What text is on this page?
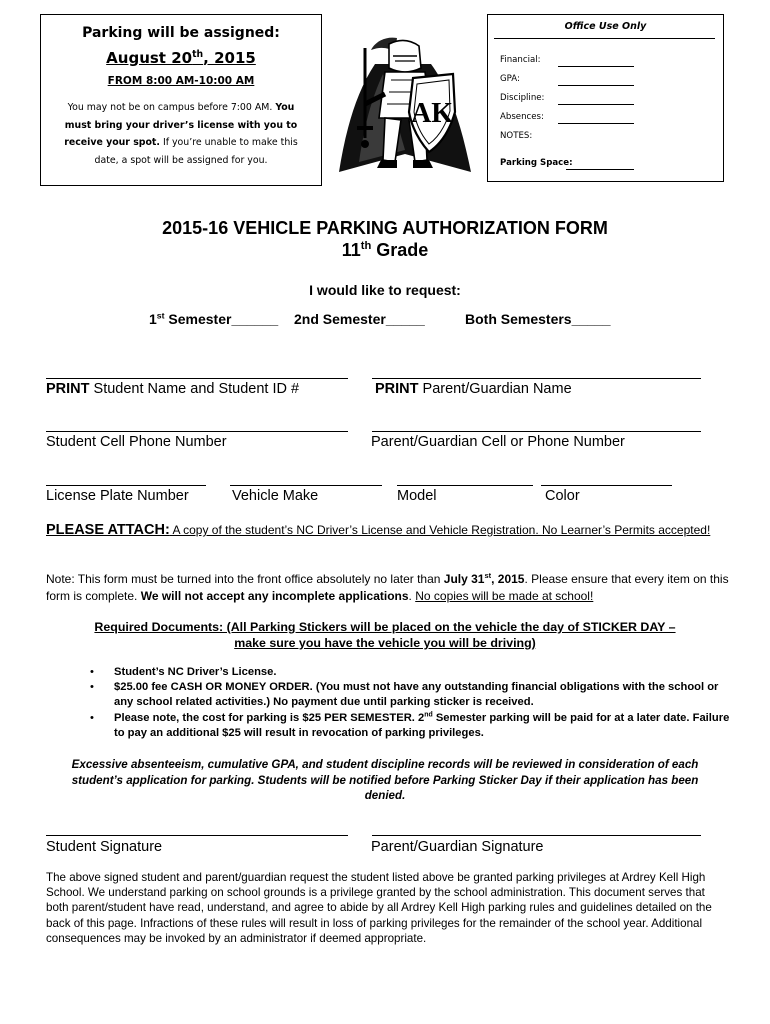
Parking will be assigned:
August 20th, 2015
FROM 8:00 AM-10:00 AM
You may not be on campus before 7:00 AM. You must bring your driver’s license with you to receive your spot. If you’re unable to make this date, a spot will be assigned for you.
AK
Office Use Only
Financial:
GPA:
Discipline:
Absences:
NOTES:
Parking Space:
2015-16 VEHICLE PARKING AUTHORIZATION FORM
11th Grade
I would like to request:
1st Semester______ 2nd Semester_____	Both Semesters_____
PRINT Student Name and Student ID #	PRINT Parent/Guardian Name
Student Cell Phone Number	Parent/Guardian Cell or Phone Number
License Plate Number	Vehicle Make	Model	Color
PLEASE ATTACH: A copy of the student’s NC Driver’s License and Vehicle Registration. No Learner’s Permits accepted!
Note: This form must be turned into the front office absolutely no later than July 31st, 2015. Please ensure that every item on this form is complete. We will not accept any incomplete applications. No copies will be made at school!
Required Documents: (All Parking Stickers will be placed on the vehicle the day of STICKER DAY –
make sure you have the vehicle you will be driving)
• Student’s NC Driver’s License.
• $25.00 fee CASH OR MONEY ORDER. (You must not have any outstanding financial obligations with the school or any school related activities.) No payment due until parking sticker is received.
• Please note, the cost for parking is $25 PER SEMESTER. 2nd Semester parking will be paid for at a later date. Failure to pay an additional $25 will result in revocation of parking privileges.
Excessive absenteeism, cumulative GPA, and student discipline records will be reviewed in consideration of each student’s application for parking. Students will be notified before Parking Sticker Day if their application has been denied.
Student Signature	Parent/Guardian Signature
The above signed student and parent/guardian request the student listed above be granted parking privileges at Ardrey Kell High School. We understand parking on school grounds is a privilege granted by the school administration. This document serves that both parent/student have read, understand, and agree to abide by all Ardrey Kell High parking rules and guidelines detailed on the back of this page. Infractions of these rules will result in loss of parking privileges for the remainder of the school year. Additional consequences may be invoked by an administrator if deemed appropriate.
